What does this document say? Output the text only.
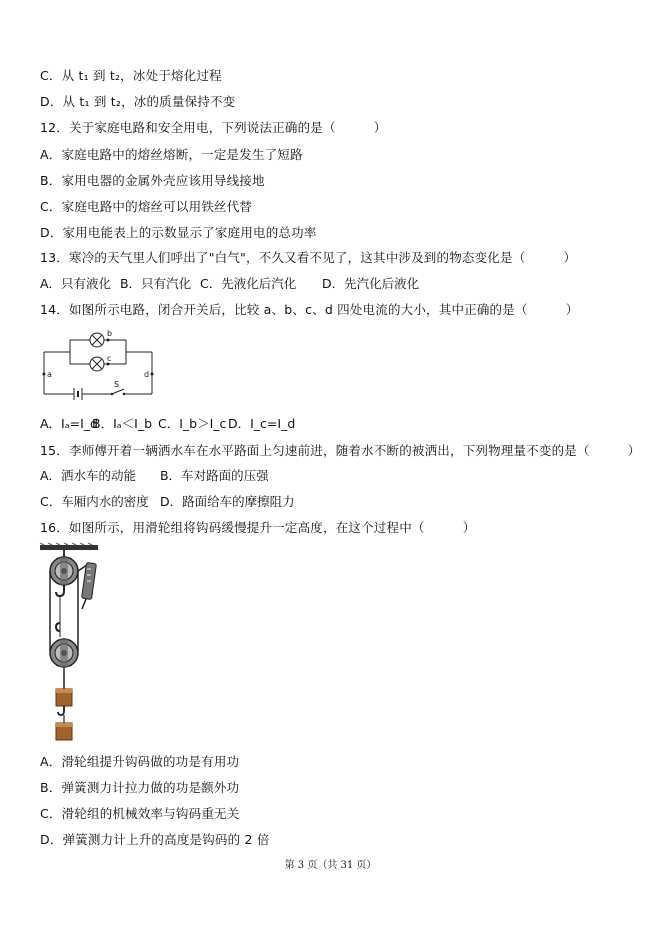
C．从 t₁ 到 t₂，冰处于熔化过程
D．从 t₁ 到 t₂，冰的质量保持不变
12．关于家庭电路和安全用电，下列说法正确的是（　　　）
A．家庭电路中的熔丝熔断，一定是发生了短路
B．家用电器的金属外壳应该用导线接地
C．家庭电路中的熔丝可以用铁丝代替
D．家用电能表上的示数显示了家庭用电的总功率
13．寒冷的天气里人们呼出了"白气"，不久又看不见了，这其中涉及到的物态变化是（　　　）
A．只有液化 B．只有汽化 C．先液化后汽化 D．先汽化后液化
14．如图所示电路，闭合开关后，比较 a、b、c、d 四处电流的大小，其中正确的是（　　　）
a	d
b
c
S
A．Iₐ=I_d
B．Iₐ＜I_b C．I_b＞I_c D．I_c=I_d
15．李师傅开着一辆洒水车在水平路面上匀速前进，随着水不断的被洒出，下列物理量不变的是（　　　）
A．洒水车的动能 B．车对路面的压强
C．车厢内水的密度 D．路面给车的摩擦阻力
16．如图所示，用滑轮组将钩码缓慢提升一定高度，在这个过程中（　　　）
A．滑轮组提升钩码做的功是有用功
B．弹簧测力计拉力做的功是额外功
C．滑轮组的机械效率与钩码重无关
D．弹簧测力计上升的高度是钩码的 2 倍
第 3 页（共 31 页）
